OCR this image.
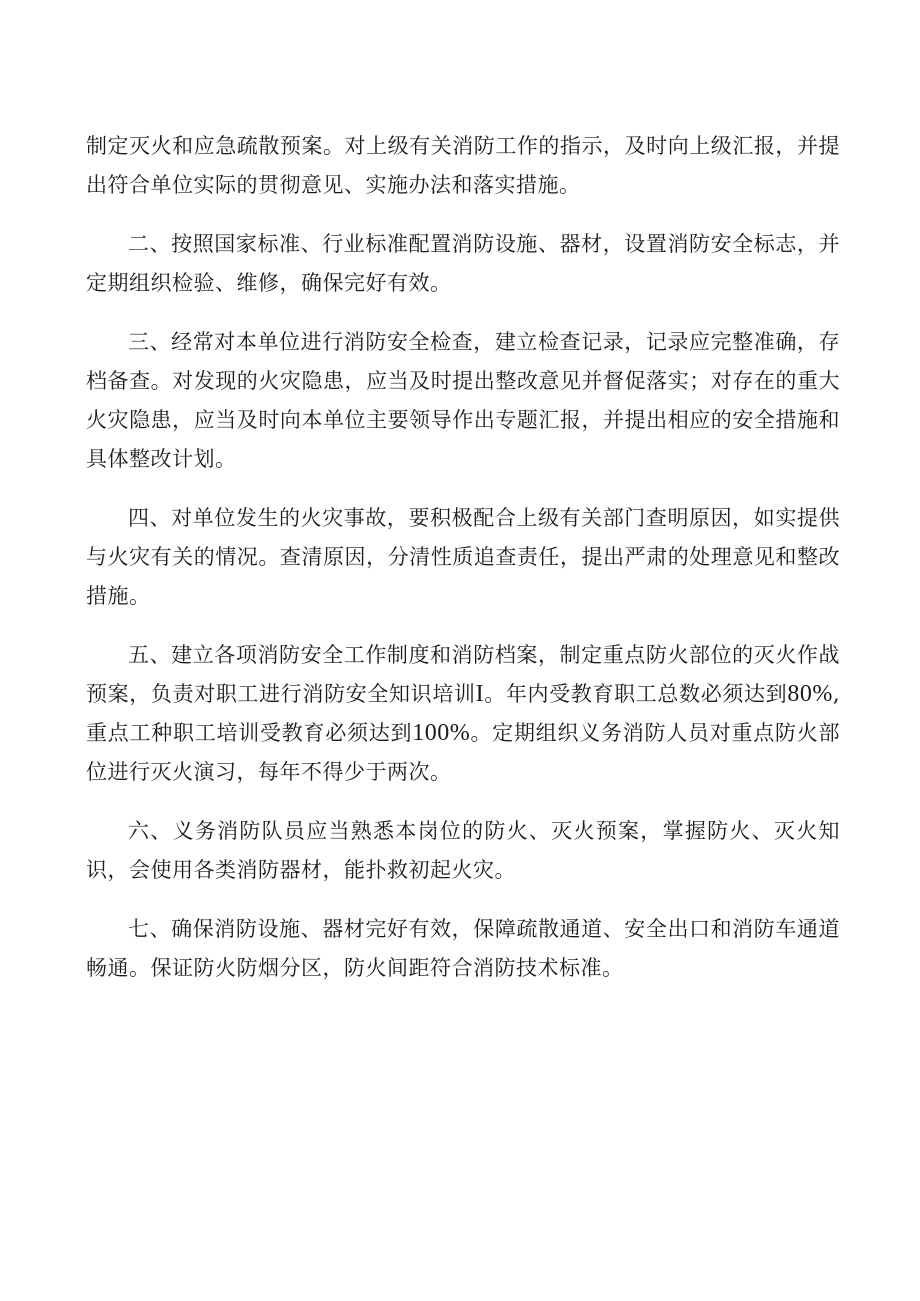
制定灭火和应急疏散预案。对上级有关消防工作的指示，及时向上级汇报，并提出符合单位实际的贯彻意见、实施办法和落实措施。

二、按照国家标准、行业标准配置消防设施、器材，设置消防安全标志，并定期组织检验、维修，确保完好有效。

三、经常对本单位进行消防安全检查，建立检查记录，记录应完整准确，存档备查。对发现的火灾隐患，应当及时提出整改意见并督促落实；对存在的重大火灾隐患，应当及时向本单位主要领导作出专题汇报，并提出相应的安全措施和具体整改计划。

四、对单位发生的火灾事故，要积极配合上级有关部门查明原因，如实提供与火灾有关的情况。查清原因，分清性质追查责任，提出严肃的处理意见和整改措施。

五、建立各项消防安全工作制度和消防档案，制定重点防火部位的灭火作战预案，负责对职工进行消防安全知识培训I。年内受教育职工总数必须达到80%,重点工种职工培训受教育必须达到100%。定期组织义务消防人员对重点防火部位进行灭火演习，每年不得少于两次。

六、义务消防队员应当熟悉本岗位的防火、灭火预案，掌握防火、灭火知识，会使用各类消防器材，能扑救初起火灾。

七、确保消防设施、器材完好有效，保障疏散通道、安全出口和消防车通道畅通。保证防火防烟分区，防火间距符合消防技术标准。
